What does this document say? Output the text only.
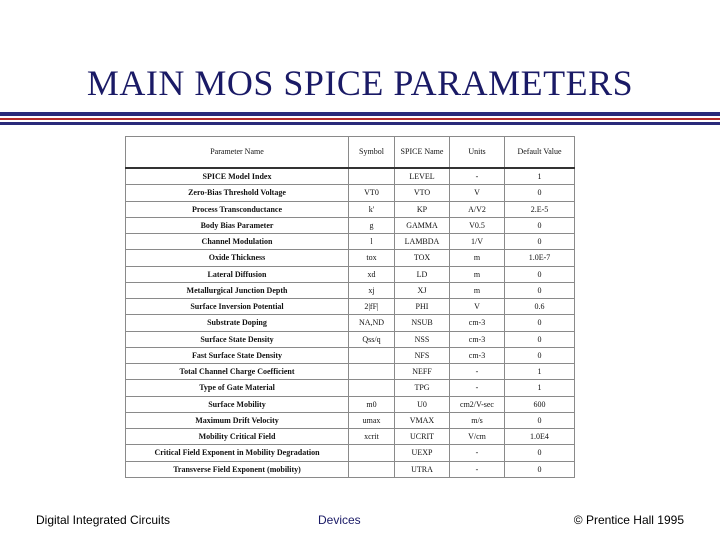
MAIN MOS SPICE PARAMETERS
Parameter Name	Symbol	SPICE Name	Units	Default Value
SPICE Model Index		LEVEL	-	1
Zero-Bias Threshold Voltage	VT0	VTO	V	0
Process Transconductance	k'	KP	A/V2	2.E-5
Body Bias Parameter	g	GAMMA	V0.5	0
Channel Modulation	l	LAMBDA	1/V	0
Oxide Thickness	tox	TOX	m	1.0E-7
Lateral Diffusion	xd	LD	m	0
Metallurgical Junction Depth	xj	XJ	m	0
Surface Inversion Potential	2|fF|	PHI	V	0.6
Substrate Doping	NA,ND	NSUB	cm-3	0
Surface State Density	Qss/q	NSS	cm-3	0
Fast Surface State Density		NFS	cm-3	0
Total Channel Charge Coefficient		NEFF	-	1
Type of Gate Material		TPG	-	1
Surface Mobility	m0	U0	cm2/V-sec	600
Maximum Drift Velocity	umax	VMAX	m/s	0
Mobility Critical Field	xcrit	UCRIT	V/cm	1.0E4
Critical Field Exponent in Mobility Degradation		UEXP	-	0
Transverse Field Exponent (mobility)		UTRA	-	0
Digital Integrated Circuits	Devices	© Prentice Hall 1995
